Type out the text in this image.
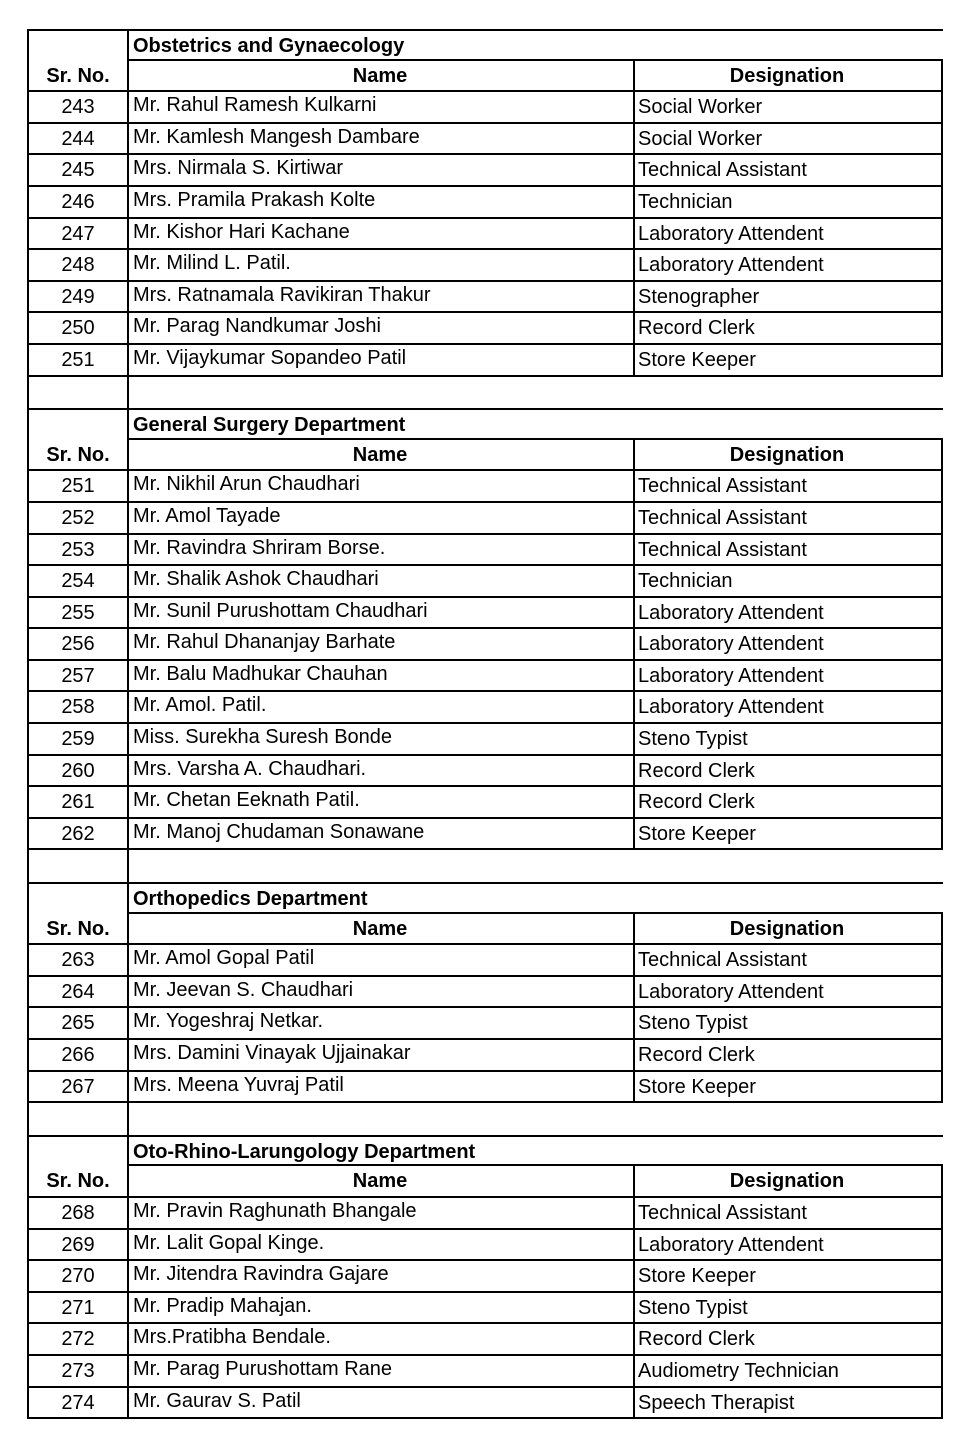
Obstetrics and Gynaecology
Sr. No.	Name	Designation
243	Mr. Rahul Ramesh Kulkarni	Social Worker
244	Mr. Kamlesh Mangesh Dambare	Social Worker
245	Mrs. Nirmala S. Kirtiwar	Technical Assistant
246	Mrs. Pramila Prakash Kolte	Technician
247	Mr. Kishor Hari Kachane	Laboratory Attendent
248	Mr. Milind L. Patil.	Laboratory Attendent
249	Mrs. Ratnamala Ravikiran Thakur	Stenographer
250	Mr. Parag Nandkumar Joshi	Record Clerk
251	Mr. Vijaykumar Sopandeo Patil	Store Keeper
General Surgery Department
Sr. No.	Name	Designation
251	Mr. Nikhil Arun Chaudhari	Technical Assistant
252	Mr. Amol Tayade	Technical Assistant
253	Mr. Ravindra Shriram Borse.	Technical Assistant
254	Mr. Shalik Ashok Chaudhari	Technician
255	Mr. Sunil Purushottam Chaudhari	Laboratory Attendent
256	Mr. Rahul Dhananjay Barhate	Laboratory Attendent
257	Mr. Balu Madhukar Chauhan	Laboratory Attendent
258	Mr. Amol. Patil.	Laboratory Attendent
259	Miss. Surekha Suresh Bonde	Steno Typist
260	Mrs. Varsha A. Chaudhari.	Record Clerk
261	Mr. Chetan Eeknath Patil.	Record Clerk
262	Mr. Manoj Chudaman Sonawane	Store Keeper
Orthopedics Department
Sr. No.	Name	Designation
263	Mr. Amol Gopal Patil	Technical Assistant
264	Mr. Jeevan S. Chaudhari	Laboratory Attendent
265	Mr. Yogeshraj Netkar.	Steno Typist
266	Mrs. Damini Vinayak Ujjainakar	Record Clerk
267	Mrs. Meena Yuvraj Patil	Store Keeper
Oto-Rhino-Larungology Department
Sr. No.	Name	Designation
268	Mr. Pravin Raghunath Bhangale	Technical Assistant
269	Mr. Lalit Gopal Kinge.	Laboratory Attendent
270	Mr. Jitendra Ravindra Gajare	Store Keeper
271	Mr. Pradip Mahajan.	Steno Typist
272	Mrs.Pratibha Bendale.	Record Clerk
273	Mr. Parag Purushottam Rane	Audiometry Technician
274	Mr. Gaurav S. Patil	Speech Therapist
